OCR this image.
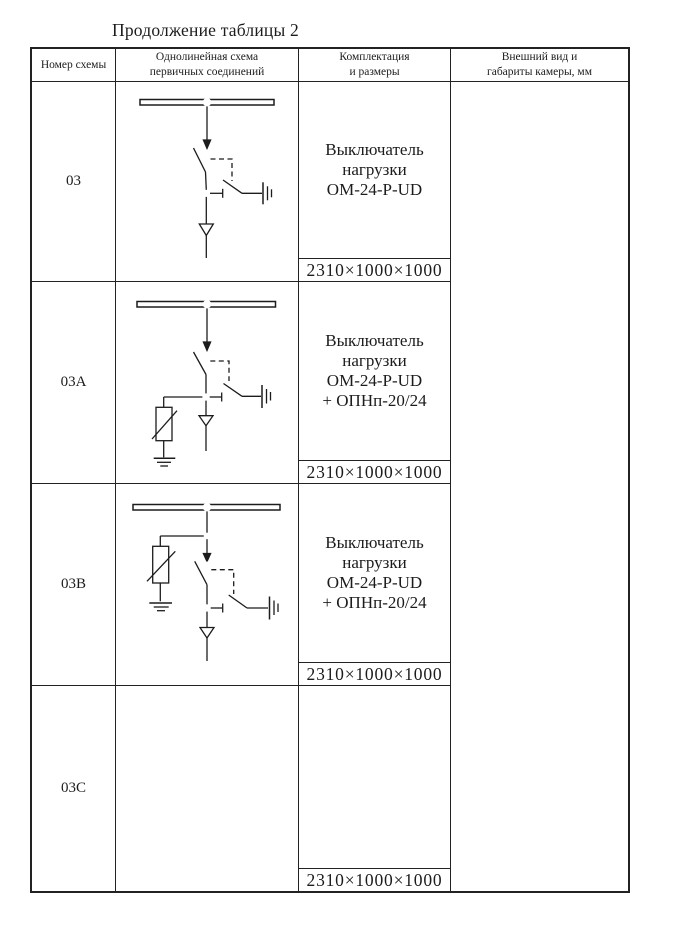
Продолжение таблицы 2
Номер схемы
Однолинейная схема
первичных соединений
Комплектация
и размеры
Внешний вид и
габариты камеры, мм
03
Выключатель
нагрузки
ОМ-24-P-UD
2310×1000×1000
03А
Выключатель
нагрузки
ОМ-24-P-UD
+ ОПНп-20/24
2310×1000×1000
03В
Выключатель
нагрузки
ОМ-24-P-UD
+ ОПНп-20/24
2310×1000×1000
03С
2310×1000×1000
